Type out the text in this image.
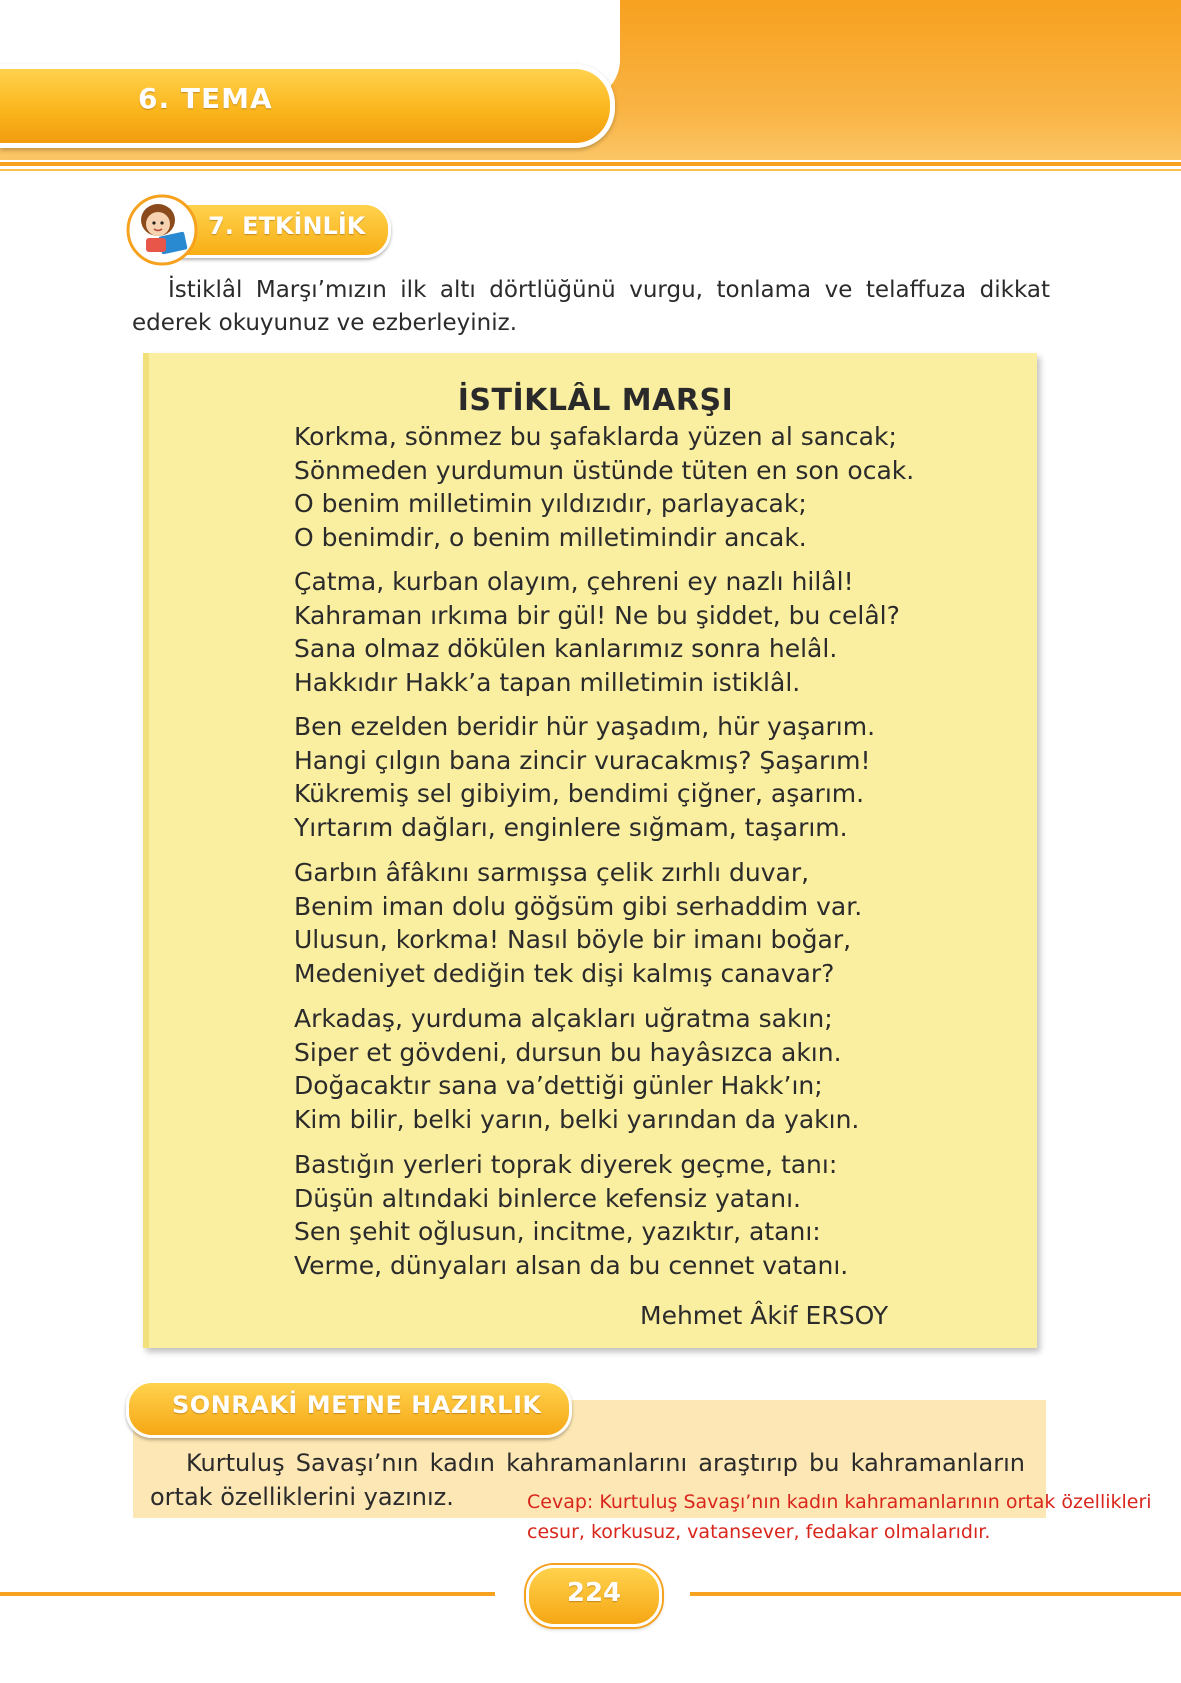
6. TEMA
7. ETKİNLİK
İstiklâl Marşı’mızın ilk altı dörtlüğünü vurgu, tonlama ve telaffuza dikkat ederek okuyunuz ve ezberleyiniz.
İSTİKLÂL MARŞI
Korkma, sönmez bu şafaklarda yüzen al sancak;
Sönmeden yurdumun üstünde tüten en son ocak.
O benim milletimin yıldızıdır, parlayacak;
O benimdir, o benim milletimindir ancak.
Çatma, kurban olayım, çehreni ey nazlı hilâl!
Kahraman ırkıma bir gül! Ne bu şiddet, bu celâl?
Sana olmaz dökülen kanlarımız sonra helâl.
Hakkıdır Hakk’a tapan milletimin istiklâl.
Ben ezelden beridir hür yaşadım, hür yaşarım.
Hangi çılgın bana zincir vuracakmış? Şaşarım!
Kükremiş sel gibiyim, bendimi çiğner, aşarım.
Yırtarım dağları, enginlere sığmam, taşarım.
Garbın âfâkını sarmışsa çelik zırhlı duvar,
Benim iman dolu göğsüm gibi serhaddim var.
Ulusun, korkma! Nasıl böyle bir imanı boğar,
Medeniyet dediğin tek dişi kalmış canavar?
Arkadaş, yurduma alçakları uğratma sakın;
Siper et gövdeni, dursun bu hayâsızca akın.
Doğacaktır sana va’dettiği günler Hakk’ın;
Kim bilir, belki yarın, belki yarından da yakın.
Bastığın yerleri toprak diyerek geçme, tanı:
Düşün altındaki binlerce kefensiz yatanı.
Sen şehit oğlusun, incitme, yazıktır, atanı:
Verme, dünyaları alsan da bu cennet vatanı.
Mehmet Âkif ERSOY
SONRAKİ METNE HAZIRLIK
Kurtuluş Savaşı’nın kadın kahramanlarını araştırıp bu kahramanların ortak özelliklerini yazınız.	Cevap: Kurtuluş Savaşı’nın kadın kahramanlarının ortak özellikleri
cesur, korkusuz, vatansever, fedakar olmalarıdır.
224
